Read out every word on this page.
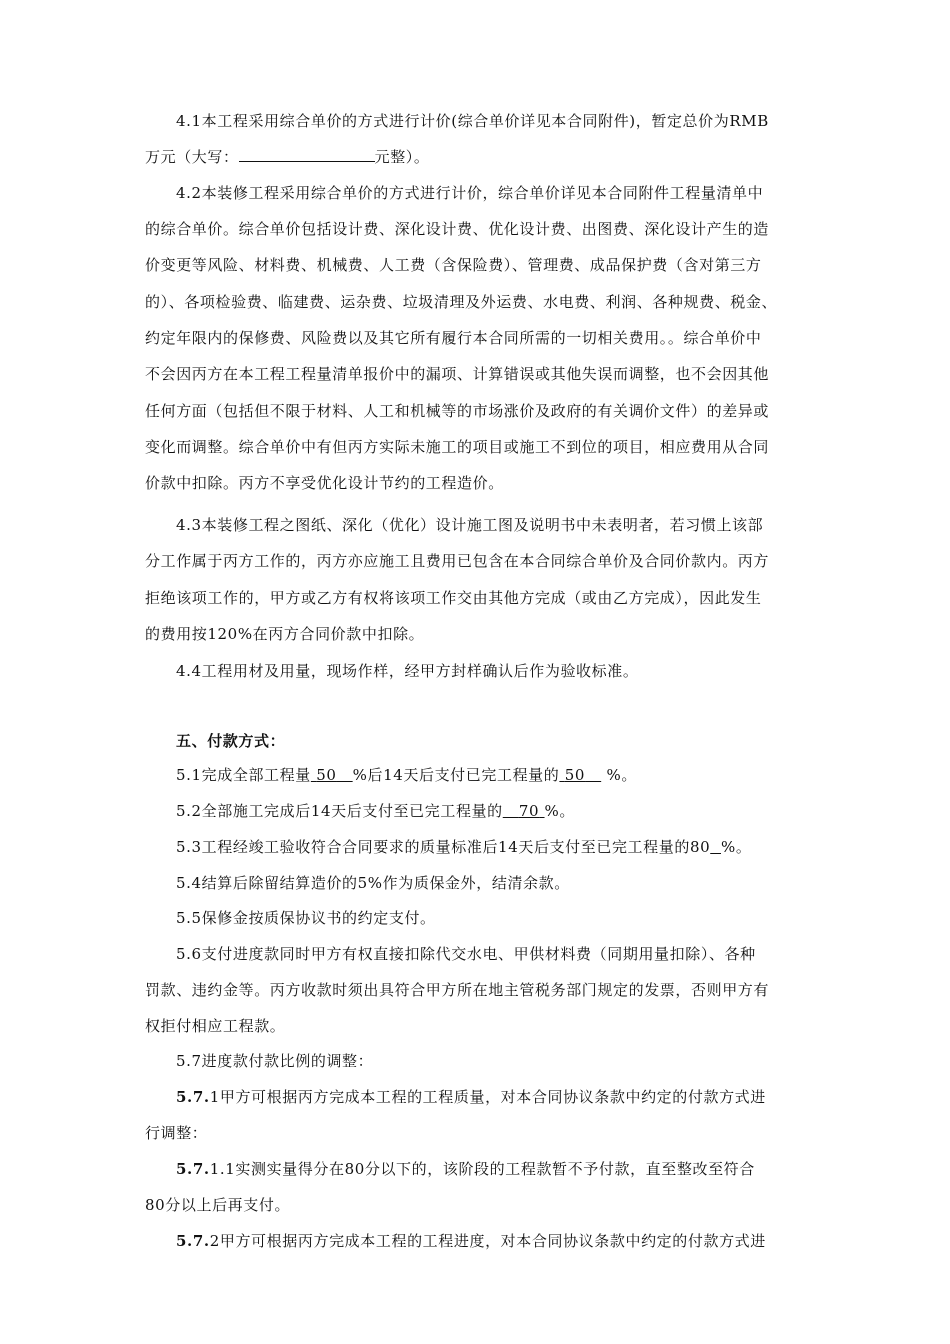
4.1本工程采用综合单价的方式进行计价(综合单价详见本合同附件)，暂定总价为RMB
万元（大写：	元整）。
4.2本装修工程采用综合单价的方式进行计价，综合单价详见本合同附件工程量清单中
的综合单价。综合单价包括设计费、深化设计费、优化设计费、出图费、深化设计产生的造
价变更等风险、材料费、机械费、人工费（含保险费）、管理费、成品保护费（含对第三方
的）、各项检验费、临建费、运杂费、垃圾清理及外运费、水电费、利润、各种规费、税金、
约定年限内的保修费、风险费以及其它所有履行本合同所需的一切相关费用。。综合单价中
不会因丙方在本工程工程量清单报价中的漏项、计算错误或其他失误而调整，也不会因其他
任何方面（包括但不限于材料、人工和机械等的市场涨价及政府的有关调价文件）的差异或
变化而调整。综合单价中有但丙方实际未施工的项目或施工不到位的项目，相应费用从合同
价款中扣除。丙方不享受优化设计节约的工程造价。
4.3本装修工程之图纸、深化（优化）设计施工图及说明书中未表明者，若习惯上该部
分工作属于丙方工作的，丙方亦应施工且费用已包含在本合同综合单价及合同价款内。丙方
拒绝该项工作的，甲方或乙方有权将该项工作交由其他方完成（或由乙方完成），因此发生
的费用按120%在丙方合同价款中扣除。
4.4工程用材及用量，现场作样，经甲方封样确认后作为验收标准。
五、付款方式：
5.1完成全部工程量 50 %后14天后支付已完工程量的 50 %。
5.2全部施工完成后14天后支付至已完工程量的 70 %。
5.3工程经竣工验收符合合同要求的质量标准后14天后支付至已完工程量的80 %。
5.4结算后除留结算造价的5%作为质保金外，结清余款。
5.5保修金按质保协议书的约定支付。
5.6支付进度款同时甲方有权直接扣除代交水电、甲供材料费（同期用量扣除）、各种
罚款、违约金等。丙方收款时须出具符合甲方所在地主管税务部门规定的发票，否则甲方有
权拒付相应工程款。
5.7进度款付款比例的调整：
5.7.1甲方可根据丙方完成本工程的工程质量，对本合同协议条款中约定的付款方式进
行调整：
5.7.1.1实测实量得分在80分以下的，该阶段的工程款暂不予付款，直至整改至符合
80分以上后再支付。
5.7.2甲方可根据丙方完成本工程的工程进度，对本合同协议条款中约定的付款方式进
